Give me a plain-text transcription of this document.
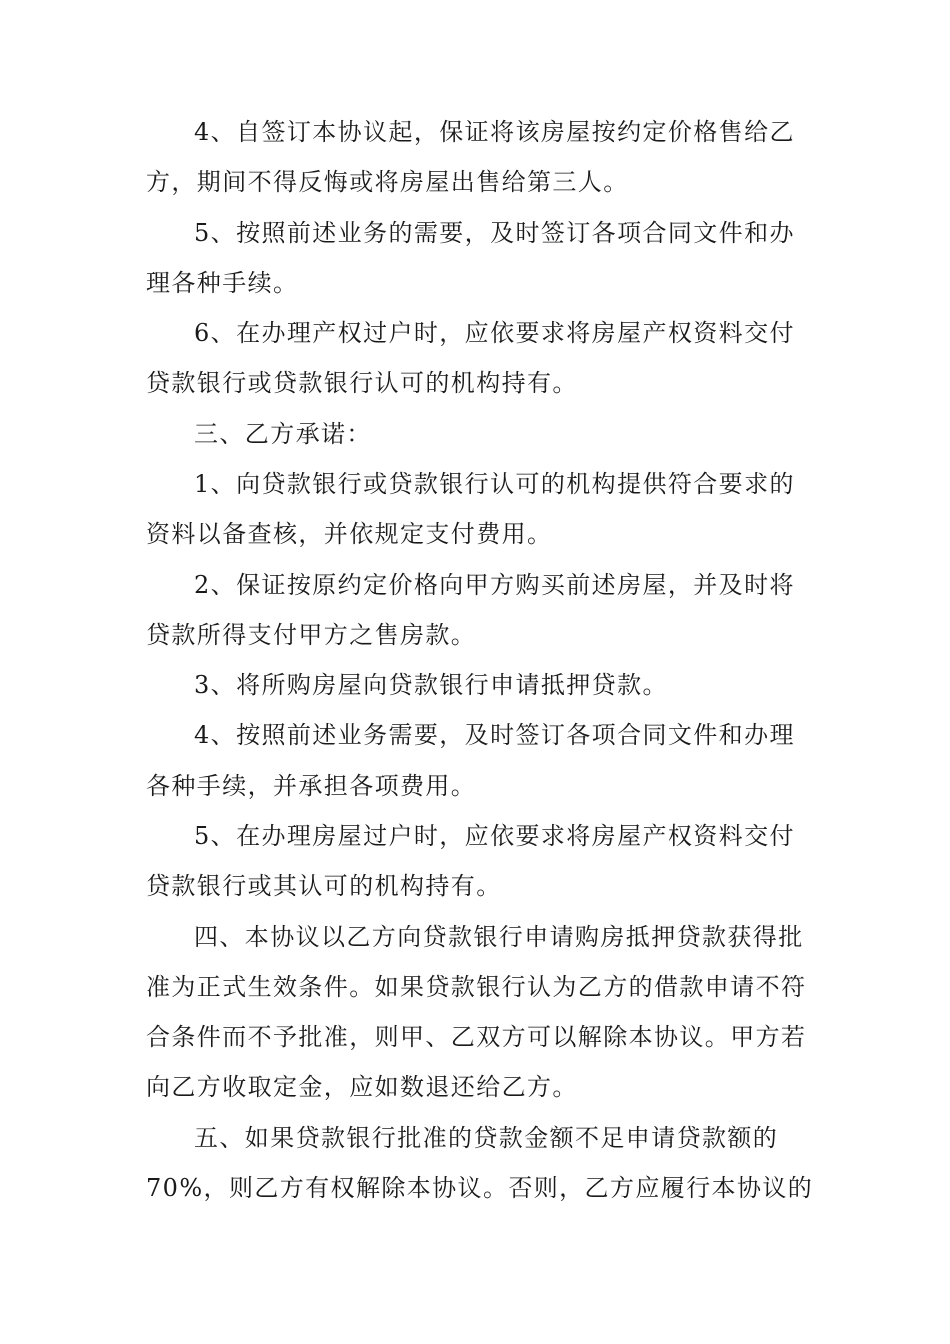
4、自签订本协议起，保证将该房屋按约定价格售给乙
方，期间不得反悔或将房屋出售给第三人。
5、按照前述业务的需要，及时签订各项合同文件和办
理各种手续。
6、在办理产权过户时，应依要求将房屋产权资料交付
贷款银行或贷款银行认可的机构持有。
三、乙方承诺：
1、向贷款银行或贷款银行认可的机构提供符合要求的
资料以备查核，并依规定支付费用。
2、保证按原约定价格向甲方购买前述房屋，并及时将
贷款所得支付甲方之售房款。
3、将所购房屋向贷款银行申请抵押贷款。
4、按照前述业务需要，及时签订各项合同文件和办理
各种手续，并承担各项费用。
5、在办理房屋过户时，应依要求将房屋产权资料交付
贷款银行或其认可的机构持有。
四、本协议以乙方向贷款银行申请购房抵押贷款获得批
准为正式生效条件。如果贷款银行认为乙方的借款申请不符
合条件而不予批准，则甲、乙双方可以解除本协议。甲方若
向乙方收取定金，应如数退还给乙方。
五、如果贷款银行批准的贷款金额不足申请贷款额的
70%，则乙方有权解除本协议。否则，乙方应履行本协议的
